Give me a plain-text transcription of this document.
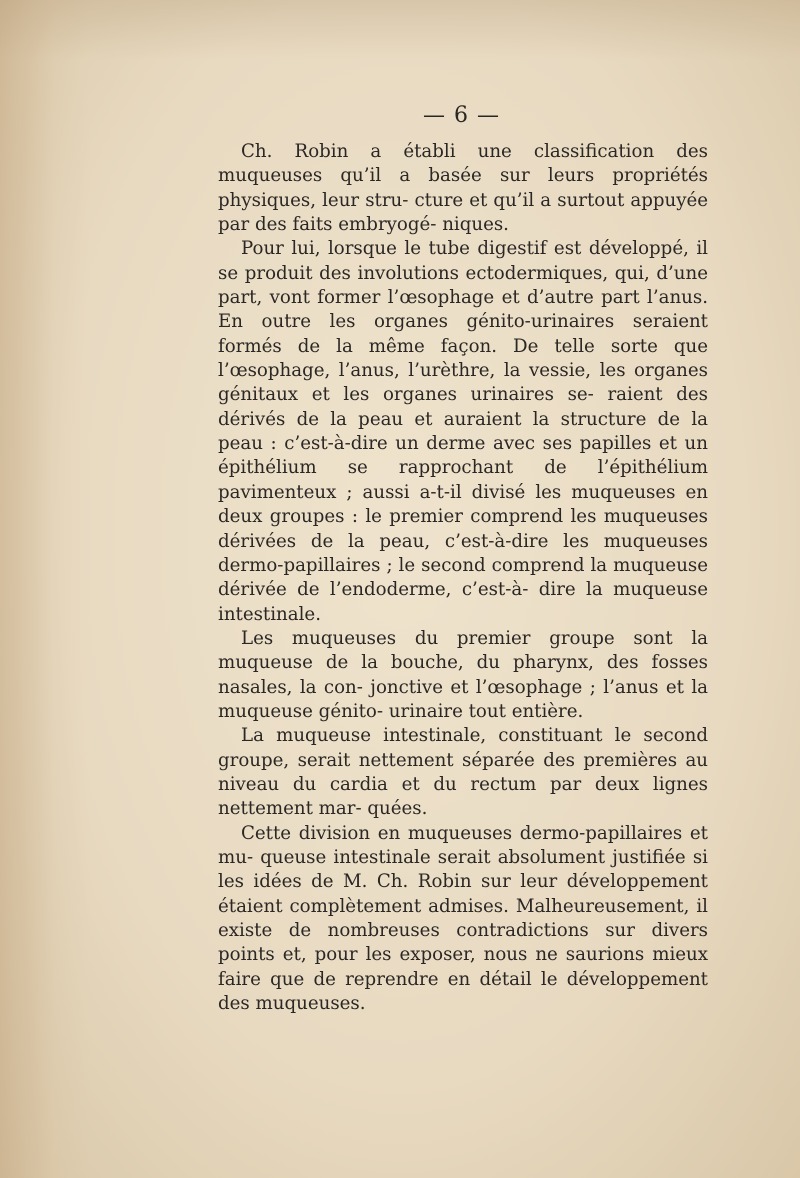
— 6 —

Ch. Robin a établi une classification des muqueuses qu’il a basée sur leurs propriétés physiques, leur stru- cture et qu’il a surtout appuyée par des faits embryogé- niques.

Pour lui, lorsque le tube digestif est développé, il se produit des involutions ectodermiques, qui, d’une part, vont former l’œsophage et d’autre part l’anus. En outre les organes génito-urinaires seraient formés de la même façon. De telle sorte que l’œsophage, l’anus, l’urèthre, la vessie, les organes génitaux et les organes urinaires se- raient des dérivés de la peau et auraient la structure de la peau : c’est-à-dire un derme avec ses papilles et un épithélium se rapprochant de l’épithélium pavimenteux ; aussi a-t-il divisé les muqueuses en deux groupes : le premier comprend les muqueuses dérivées de la peau, c’est-à-dire les muqueuses dermo-papillaires ; le second comprend la muqueuse dérivée de l’endoderme, c’est-à- dire la muqueuse intestinale.

Les muqueuses du premier groupe sont la muqueuse de la bouche, du pharynx, des fosses nasales, la con- jonctive et l’œsophage ; l’anus et la muqueuse génito- urinaire tout entière.

La muqueuse intestinale, constituant le second groupe, serait nettement séparée des premières au niveau du cardia et du rectum par deux lignes nettement mar- quées.

Cette division en muqueuses dermo-papillaires et mu- queuse intestinale serait absolument justifiée si les idées de M. Ch. Robin sur leur développement étaient complètement admises. Malheureusement, il existe de nombreuses contradictions sur divers points et, pour les exposer, nous ne saurions mieux faire que de reprendre en détail le développement des muqueuses.
